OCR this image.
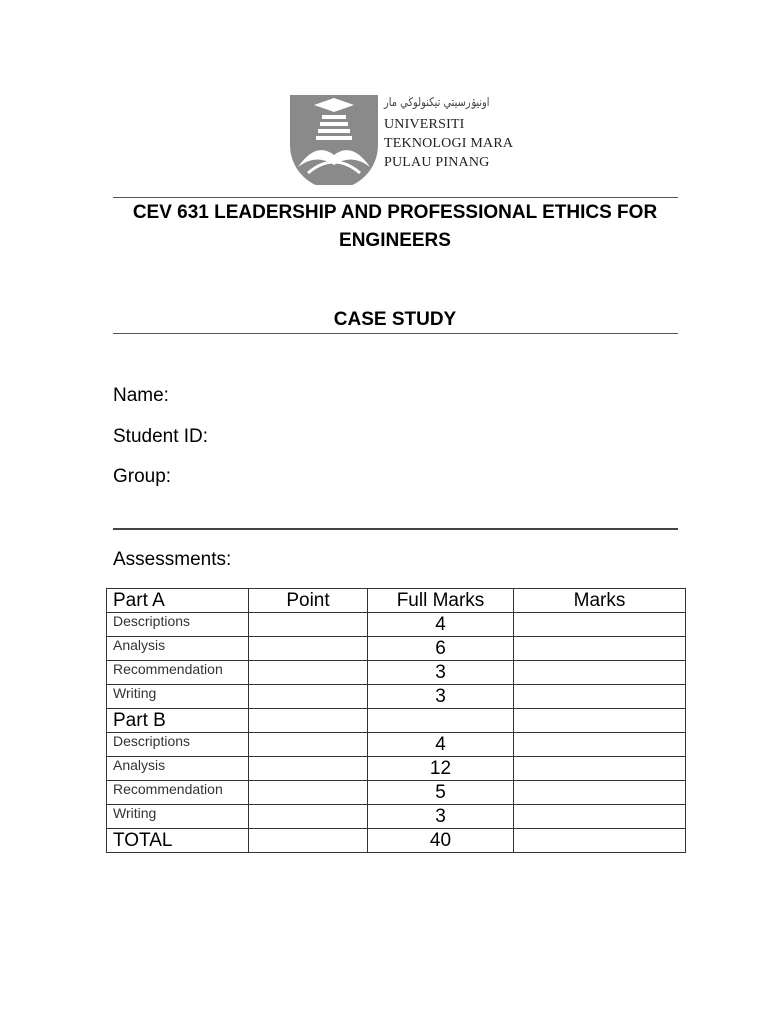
اونيۏرسيتي تيكنولوڬي مار
UNIVERSITI
TEKNOLOGI MARA
PULAU PINANG
CEV 631 LEADERSHIP AND PROFESSIONAL ETHICS FOR ENGINEERS
CASE STUDY
Name:
Student ID:
Group:
Assessments:
Part A	Point	Full Marks	Marks
Descriptions		4	
Analysis		6	
Recommendation		3	
Writing		3	
Part B			
Descriptions		4	
Analysis		12	
Recommendation		5	
Writing		3	
TOTAL		40	
